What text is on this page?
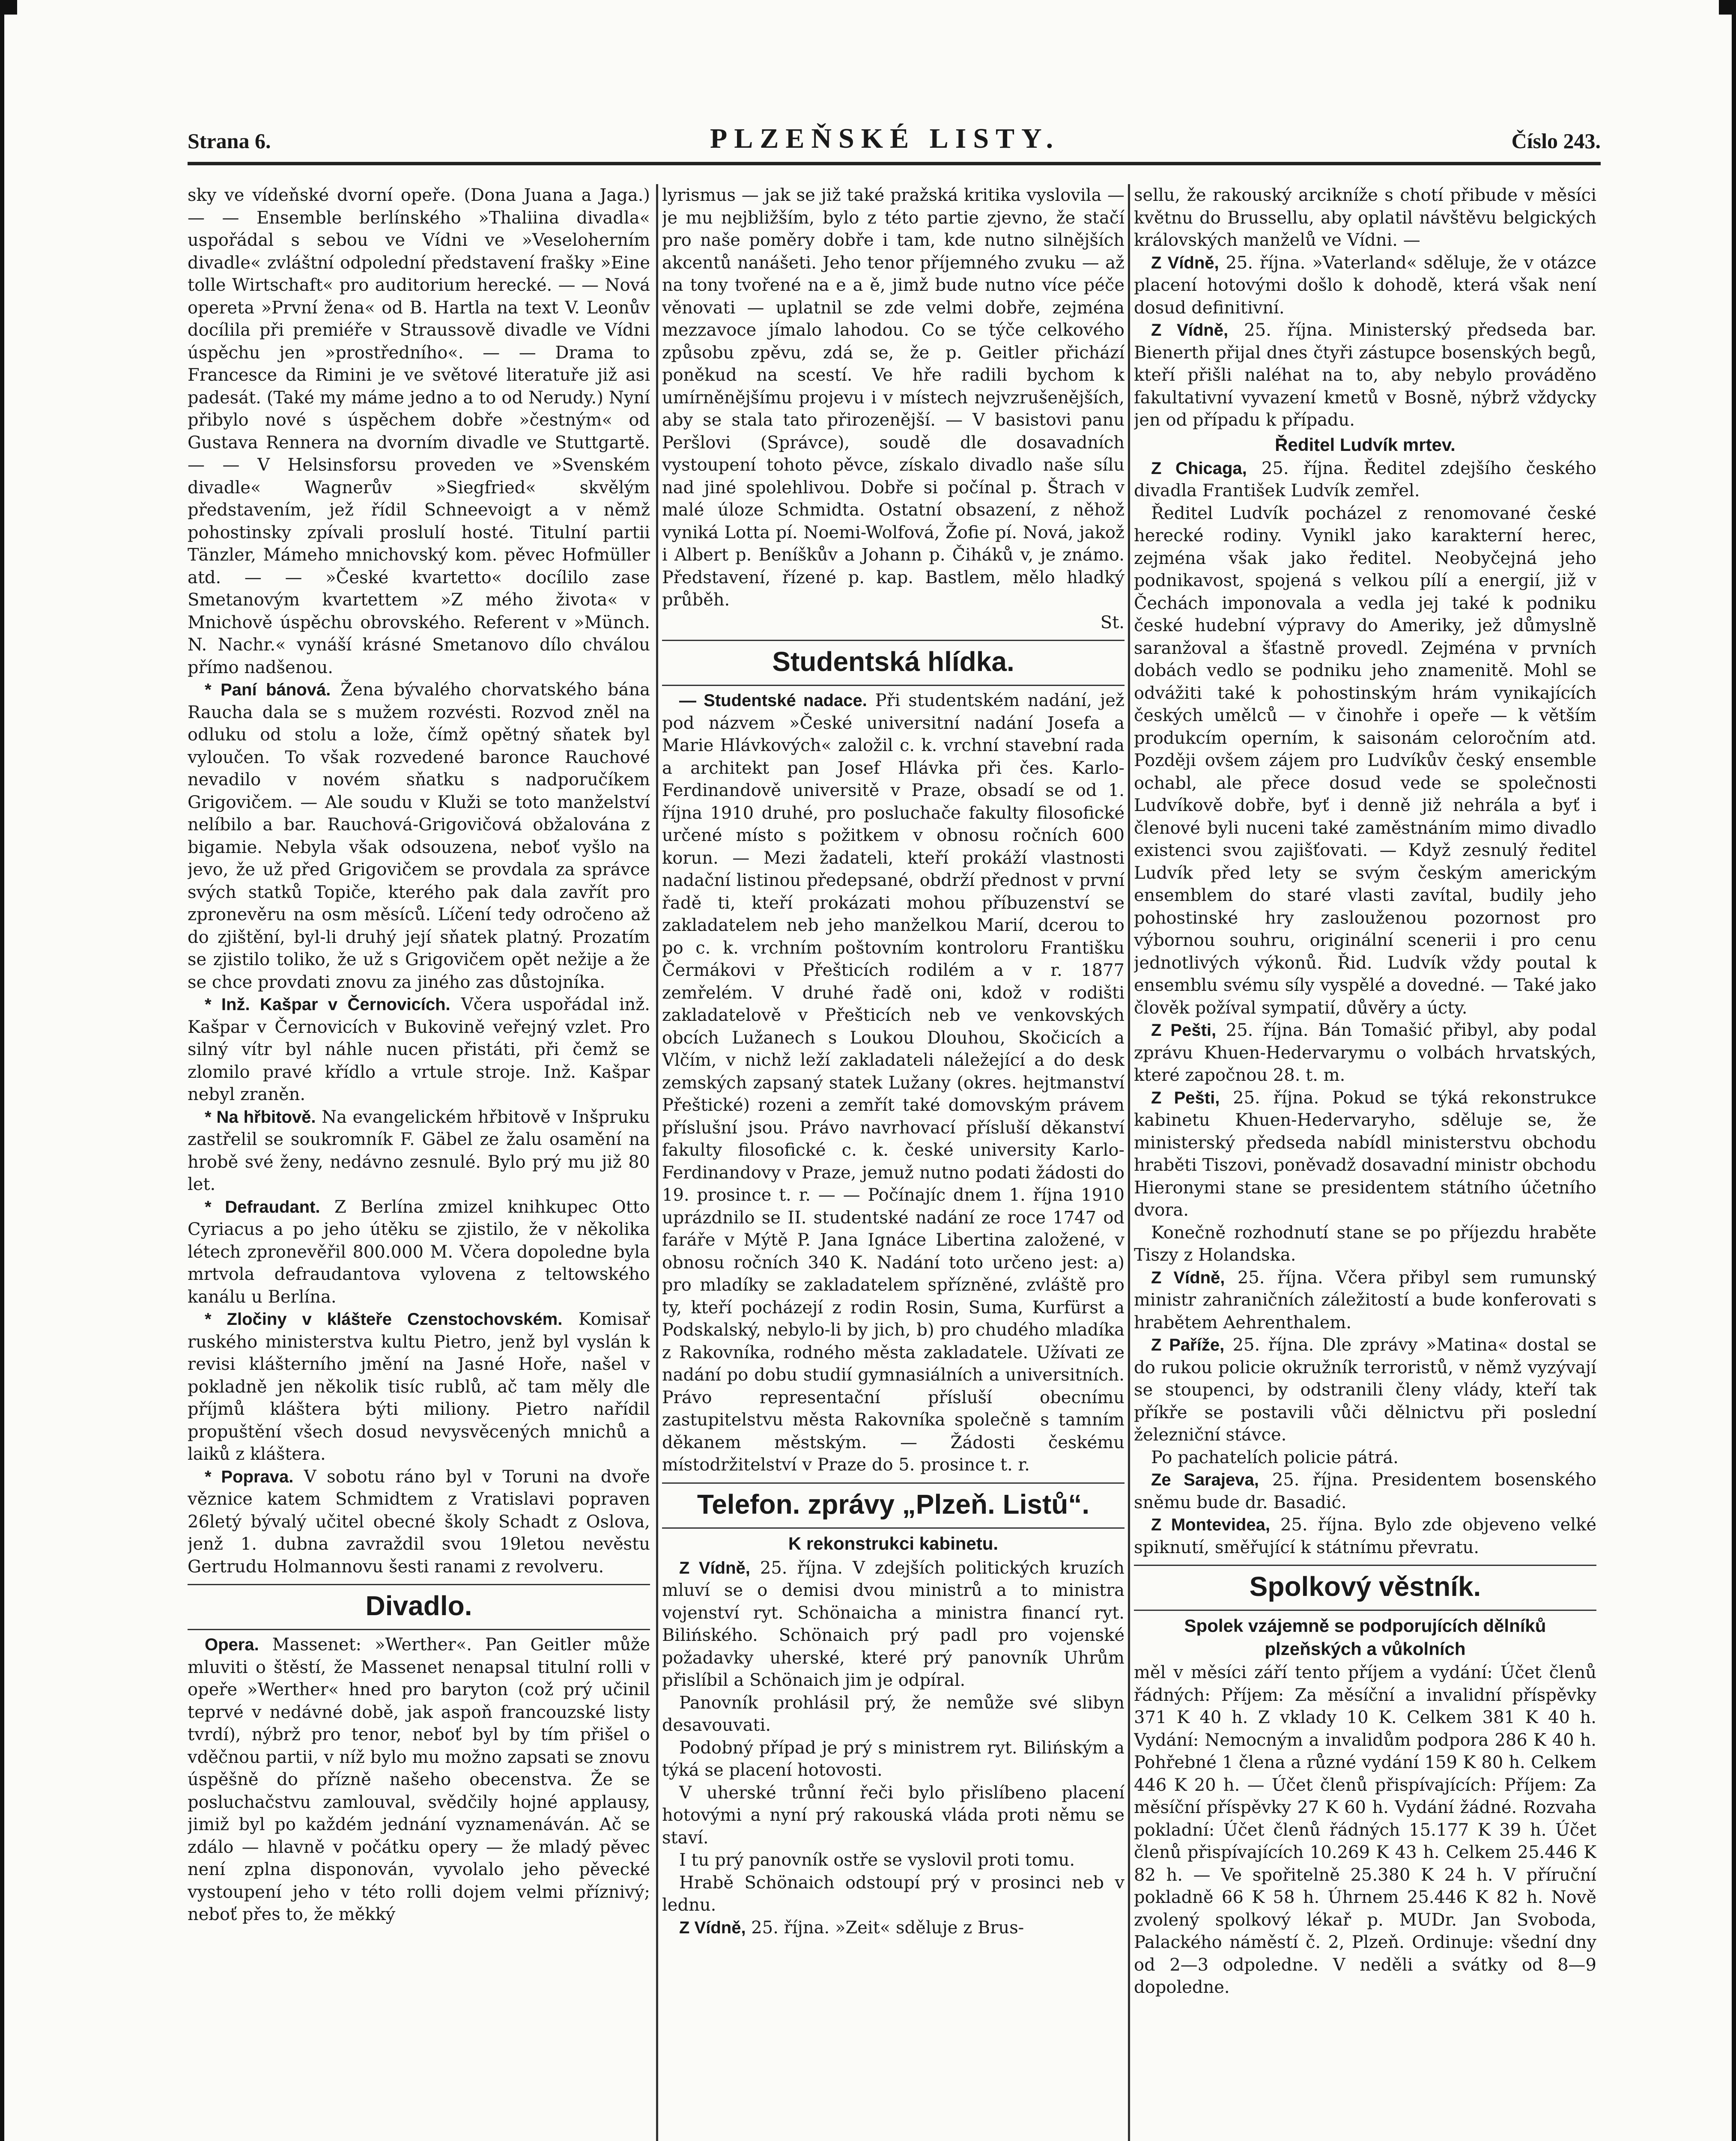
Strana 6.	PLZEŇSKÉ LISTY.	Číslo 243.

sky ve vídeňské dvorní opeře. (Dona Juana a Jaga.) — — Ensemble berlínského »Thaliina divadla« uspořádal s sebou ve Vídni ve »Veseloherním divadle« zvláštní odpolední představení frašky »Eine tolle Wirtschaft« pro auditorium herecké. — — Nová opereta »První žena« od B. Hartla na text V. Leonův docílila při premiéře v Straussově divadle ve Vídni úspěchu jen »prostředního«. — — Drama to Francesce da Rimini je ve světové literatuře již asi padesát. (Také my máme jedno a to od Nerudy.) Nyní přibylo nové s úspěchem dobře »čestným« od Gustava Rennera na dvorním divadle ve Stuttgartě. — — V Helsinsforsu proveden ve »Svenském divadle« Wagnerův »Siegfried« skvělým představením, jež řídil Schneevoigt a v němž pohostinsky zpívali proslulí hosté. Titulní partii Tänzler, Mámeho mnichovský kom. pěvec Hofmüller atd. — — »České kvartetto« docílilo zase Smetanovým kvartettem »Z mého života« v Mnichově úspěchu obrovského. Referent v »Münch. N. Nachr.« vynáší krásné Smetanovo dílo chválou přímo nadšenou.

* Paní bánová. Žena bývalého chorvatského bána Raucha dala se s mužem rozvésti. Rozvod zněl na odluku od stolu a lože, čímž opětný sňatek byl vyloučen. To však rozvedené baronce Rauchové nevadilo v novém sňatku s nadporučíkem Grigovičem. — Ale soudu v Kluži se toto manželství nelíbilo a bar. Rauchová-Grigovičová obžalována z bigamie. Nebyla však odsouzena, neboť vyšlo na jevo, že už před Grigovičem se provdala za správce svých statků Topiče, kterého pak dala zavřít pro zpronevěru na osm měsíců. Líčení tedy odročeno až do zjištění, byl-li druhý její sňatek platný. Prozatím se zjistilo toliko, že už s Grigovičem opět nežije a že se chce provdati znovu za jiného zas důstojníka.

* Inž. Kašpar v Černovicích. Včera uspořádal inž. Kašpar v Černovicích v Bukovině veřejný vzlet. Pro silný vítr byl náhle nucen přistáti, při čemž se zlomilo pravé křídlo a vrtule stroje. Inž. Kašpar nebyl zraněn.

* Na hřbitově. Na evangelickém hřbitově v Inšpruku zastřelil se soukromník F. Gäbel ze žalu osamění na hrobě své ženy, nedávno zesnulé. Bylo prý mu již 80 let.

* Defraudant. Z Berlína zmizel knihkupec Otto Cyriacus a po jeho útěku se zjistilo, že v několika létech zpronevěřil 800.000 M. Včera dopoledne byla mrtvola defraudantova vylovena z teltowského kanálu u Berlína.

* Zločiny v klášteře Czenstochovském. Komisař ruského ministerstva kultu Pietro, jenž byl vyslán k revisi klášterního jmění na Jasné Hoře, našel v pokladně jen několik tisíc rublů, ač tam měly dle příjmů kláštera býti miliony. Pietro nařídil propuštění všech dosud nevysvěcených mnichů a laiků z kláštera.

* Poprava. V sobotu ráno byl v Toruni na dvoře věznice katem Schmidtem z Vratislavi popraven 26letý bývalý učitel obecné školy Schadt z Oslova, jenž 1. dubna zavraždil svou 19letou nevěstu Gertrudu Holmannovu šesti ranami z revolveru.

Divadlo.

Opera. Massenet: »Werther«. Pan Geitler může mluviti o štěstí, že Massenet nenapsal titulní rolli v opeře »Werther« hned pro baryton (což prý učinil teprvé v nedávné době, jak aspoň francouzské listy tvrdí), nýbrž pro tenor, neboť byl by tím přišel o vděčnou partii, v níž bylo mu možno zapsati se znovu úspěšně do přízně našeho obecenstva. Že se posluchačstvu zamlouval, svědčily hojné applausy, jimiž byl po každém jednání vyznamenáván. Ač se zdálo — hlavně v počátku opery — že mladý pěvec není zplna disponován, vyvolalo jeho pěvecké vystoupení jeho v této rolli dojem velmi příznivý; neboť přes to, že měkký

lyrismus — jak se již také pražská kritika vyslovila — je mu nejbližším, bylo z této partie zjevno, že stačí pro naše poměry dobře i tam, kde nutno silnějších akcentů nanášeti. Jeho tenor příjemného zvuku — až na tony tvořené na e a ě, jimž bude nutno více péče věnovati — uplatnil se zde velmi dobře, zejména mezzavoce jímalo lahodou. Co se týče celkového způsobu zpěvu, zdá se, že p. Geitler přichází poněkud na scestí. Ve hře radili bychom k umírněnějšímu projevu i v místech nejvzrušenějších, aby se stala tato přirozenější. — V basistovi panu Peršlovi (Správce), soudě dle dosavadních vystoupení tohoto pěvce, získalo divadlo naše sílu nad jiné spolehlivou. Dobře si počínal p. Štrach v malé úloze Schmidta. Ostatní obsazení, z něhož vyniká Lotta pí. Noemi-Wolfová, Žofie pí. Nová, jakož i Albert p. Beníškův a Johann p. Čiháků v, je známo. Představení, řízené p. kap. Bastlem, mělo hladký průběh.

St.

Studentská hlídka.

— Studentské nadace. Při studentském nadání, jež pod názvem »České universitní nadání Josefa a Marie Hlávkových« založil c. k. vrchní stavební rada a architekt pan Josef Hlávka při čes. Karlo-Ferdinandově universitě v Praze, obsadí se od 1. října 1910 druhé, pro posluchače fakulty filosofické určené místo s požitkem v obnosu ročních 600 korun. — Mezi žadateli, kteří prokáží vlastnosti nadační listinou předepsané, obdrží přednost v první řadě ti, kteří prokázati mohou příbuzenství se zakladatelem neb jeho manželkou Marií, dcerou to po c. k. vrchním poštovním kontroloru Františku Čermákovi v Přešticích rodilém a v r. 1877 zemřelém. V druhé řadě oni, kdož v rodišti zakladatelově v Přešticích neb ve venkovských obcích Lužanech s Loukou Dlouhou, Skočicích a Vlčím, v nichž leží zakladateli náležející a do desk zemských zapsaný statek Lužany (okres. hejtmanství Přeštické) rozeni a zemřít také domovským právem příslušní jsou. Právo navrhovací přísluší děkanství fakulty filosofické c. k. české university Karlo-Ferdinandovy v Praze, jemuž nutno podati žádosti do 19. prosince t. r. — — Počínajíc dnem 1. října 1910 uprázdnilo se II. studentské nadání ze roce 1747 od faráře v Mýtě P. Jana Ignáce Libertina založené, v obnosu ročních 340 K. Nadání toto určeno jest: a) pro mladíky se zakladatelem spřízněné, zvláště pro ty, kteří pocházejí z rodin Rosin, Suma, Kurfürst a Podskalský, nebylo-li by jich, b) pro chudého mladíka z Rakovníka, rodného města zakladatele. Užívati ze nadání po dobu studií gymnasiálních a universitních. Právo representační přísluší obecnímu zastupitelstvu města Rakovníka společně s tamním děkanem městským. — Žádosti českému místodržitelství v Praze do 5. prosince t. r.

Telefon. zprávy „Plzeň. Listů“.
K rekonstrukci kabinetu.

Z Vídně, 25. října. V zdejších politických kruzích mluví se o demisi dvou ministrů a to ministra vojenství ryt. Schönaicha a ministra financí ryt. Bilińského. Schönaich prý padl pro vojenské požadavky uherské, které prý panovník Uhrům přislíbil a Schönaich jim je odpíral.

Panovník prohlásil prý, že nemůže své slibyn desavouvati.

Podobný případ je prý s ministrem ryt. Bilińským a týká se placení hotovosti.

V uherské trůnní řeči bylo přislíbeno placení hotovými a nyní prý rakouská vláda proti němu se staví.

I tu prý panovník ostře se vyslovil proti tomu.

Hrabě Schönaich odstoupí prý v prosinci neb v lednu.

Z Vídně, 25. října. »Zeit« sděluje z Brus-

sellu, že rakouský arcikníže s chotí přibude v měsíci květnu do Brussellu, aby oplatil návštěvu belgických královských manželů ve Vídni. —

Z Vídně, 25. října. »Vaterland« sděluje, že v otázce placení hotovými došlo k dohodě, která však není dosud definitivní.

Z Vídně, 25. října. Ministerský předseda bar. Bienerth přijal dnes čtyři zástupce bosenských begů, kteří přišli naléhat na to, aby nebylo prováděno fakultativní vyvazení kmetů v Bosně, nýbrž vždycky jen od případu k případu.

Ředitel Ludvík mrtev.

Z Chicaga, 25. října. Ředitel zdejšího českého divadla František Ludvík zemřel.

Ředitel Ludvík pocházel z renomované české herecké rodiny. Vynikl jako karakterní herec, zejména však jako ředitel. Neobyčejná jeho podnikavost, spojená s velkou pílí a energií, již v Čechách imponovala a vedla jej také k podniku české hudební výpravy do Ameriky, jež důmyslně saranžoval a šťastně provedl. Zejména v prvních dobách vedlo se podniku jeho znamenitě. Mohl se odvážiti také k pohostinským hrám vynikajících českých umělců — v činohře i opeře — k větším produkcím operním, k saisonám celoročním atd. Později ovšem zájem pro Ludvíkův český ensemble ochabl, ale přece dosud vede se společnosti Ludvíkově dobře, byť i denně již nehrála a byť i členové byli nuceni také zaměstnáním mimo divadlo existenci svou zajišťovati. — Když zesnulý ředitel Ludvík před lety se svým českým americkým ensemblem do staré vlasti zavítal, budily jeho pohostinské hry zaslouženou pozornost pro výbornou souhru, originální scenerii i pro cenu jednotlivých výkonů. Řid. Ludvík vždy poutal k ensemblu svému síly vyspělé a dovedné. — Také jako člověk požíval sympatií, důvěry a úcty.

Z Pešti, 25. října. Bán Tomašić přibyl, aby podal zprávu Khuen-Hedervarymu o volbách hrvatských, které započnou 28. t. m.

Z Pešti, 25. října. Pokud se týká rekonstrukce kabinetu Khuen-Hedervaryho, sděluje se, že ministerský předseda nabídl ministerstvu obchodu hraběti Tiszovi, poněvadž dosavadní ministr obchodu Hieronymi stane se presidentem státního účetního dvora.

Konečně rozhodnutí stane se po příjezdu hraběte Tiszy z Holandska.

Z Vídně, 25. října. Včera přibyl sem rumunský ministr zahraničních záležitostí a bude konferovati s hrabětem Aehrenthalem.

Z Paříže, 25. října. Dle zprávy »Matina« dostal se do rukou policie okružník terroristů, v němž vyzývají se stoupenci, by odstranili členy vlády, kteří tak příkře se postavili vůči dělnictvu při poslední železniční stávce.

Po pachatelích policie pátrá.

Ze Sarajeva, 25. října. Presidentem bosenského sněmu bude dr. Basadić.

Z Montevidea, 25. října. Bylo zde objeveno velké spiknutí, směřující k státnímu převratu.

Spolkový věstník.
Spolek vzájemně se podporujících dělníků plzeňských a vůkolních

měl v měsíci září tento příjem a vydání: Účet členů řádných: Příjem: Za měsíční a invalidní příspěvky 371 K 40 h. Z vklady 10 K. Celkem 381 K 40 h. Vydání: Nemocným a invalidům podpora 286 K 40 h. Pohřebné 1 člena a různé vydání 159 K 80 h. Celkem 446 K 20 h. — Účet členů přispívajících: Příjem: Za měsíční příspěvky 27 K 60 h. Vydání žádné. Rozvaha pokladní: Účet členů řádných 15.177 K 39 h. Účet členů přispívajících 10.269 K 43 h. Celkem 25.446 K 82 h. — Ve spořitelně 25.380 K 24 h. V příruční pokladně 66 K 58 h. Úhrnem 25.446 K 82 h. Nově zvolený spolkový lékař p. MUDr. Jan Svoboda, Palackého náměstí č. 2, Plzeň. Ordinuje: všední dny od 2—3 odpoledne. V neděli a svátky od 8—9 dopoledne.
